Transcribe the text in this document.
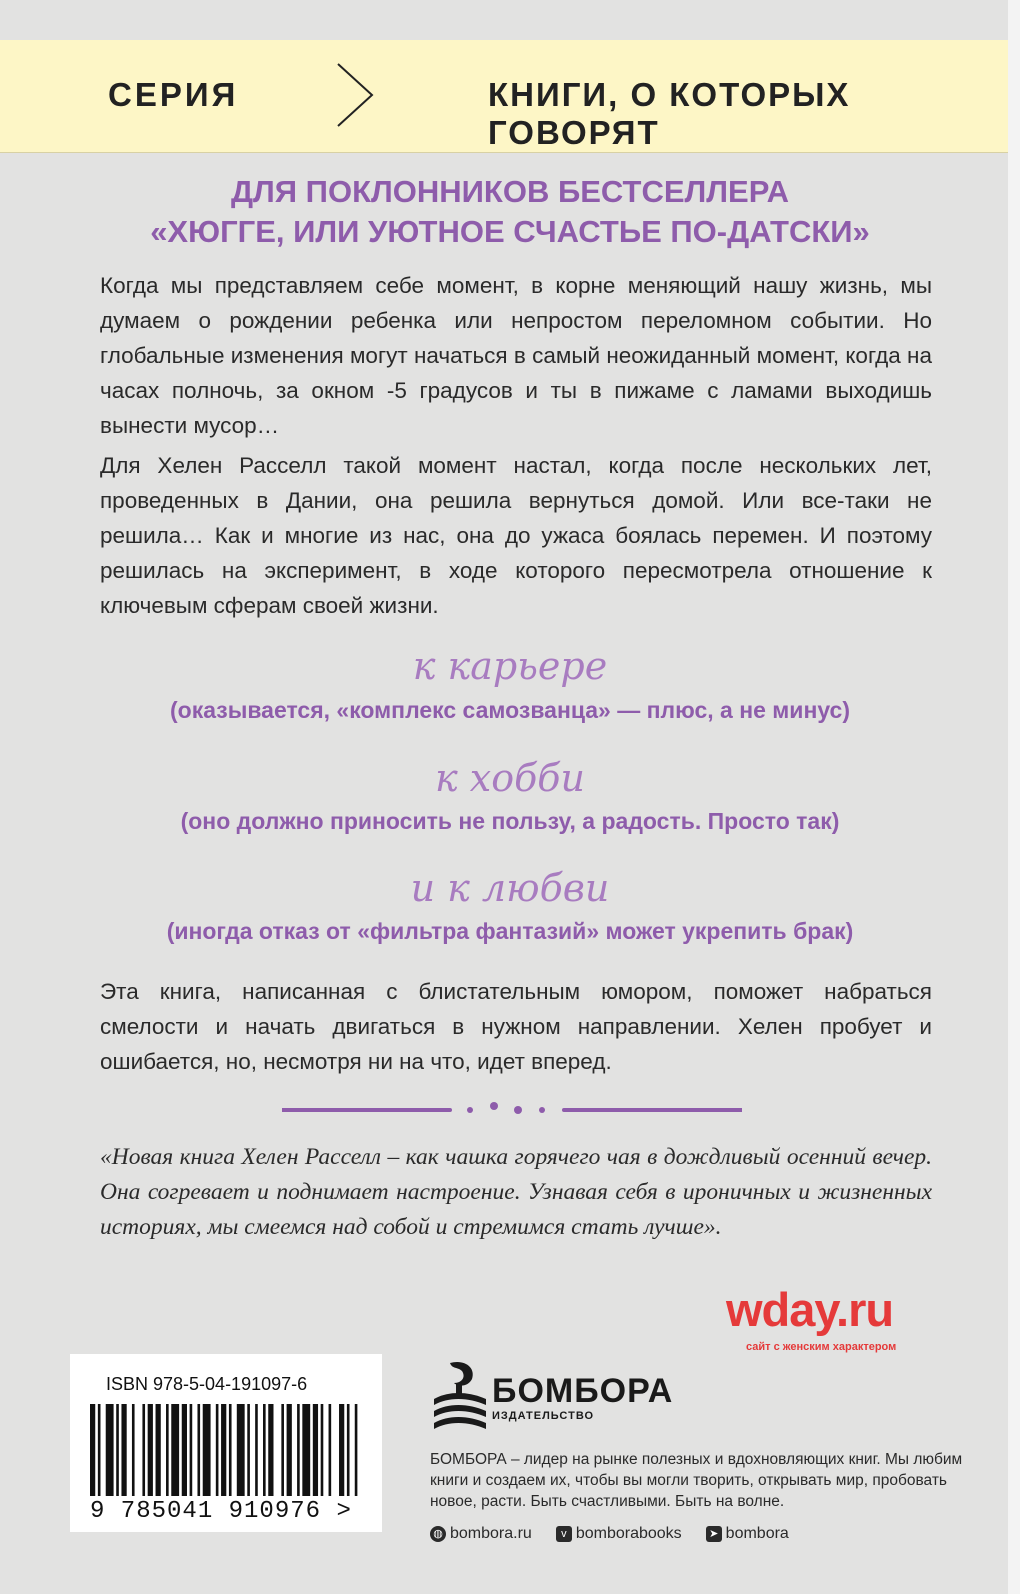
СЕРИЯ	КНИГИ, О КОТОРЫХ ГОВОРЯТ
ДЛЯ ПОКЛОННИКОВ БЕСТСЕЛЛЕРА
«ХЮГГЕ, ИЛИ УЮТНОЕ СЧАСТЬЕ ПО-ДАТСКИ»
Когда мы представляем себе момент, в корне меняющий нашу жизнь, мы думаем о рождении ребенка или непростом переломном событии. Но глобальные изменения могут начаться в самый неожиданный момент, когда на часах полночь, за окном -5 градусов и ты в пижаме с ламами выходишь вынести мусор…
Для Хелен Расселл такой момент настал, когда после нескольких лет, проведенных в Дании, она решила вернуться домой. Или все-таки не решила… Как и многие из нас, она до ужаса боялась перемен. И поэтому решилась на эксперимент, в ходе которого пересмотрела отношение к ключевым сферам своей жизни.
к карьере
(оказывается, «комплекс самозванца» — плюс, а не минус)
к хобби
(оно должно приносить не пользу, а радость. Просто так)
и к любви
(иногда отказ от «фильтра фантазий» может укрепить брак)
Эта книга, написанная с блистательным юмором, поможет набраться смелости и начать двигаться в нужном направлении. Хелен пробует и ошибается, но, несмотря ни на что, идет вперед.
«Новая книга Хелен Расселл – как чашка горячего чая в дождливый осенний вечер. Она согревает и поднимает настроение. Узнавая себя в ироничных и жизненных историях, мы смеемся над собой и стремимся стать лучше».
wday.ru
сайт с женским характером
ISBN 978-5-04-191097-6
9 785041 910976 >
БОМБОРА
ИЗДАТЕЛЬСТВО
БОМБОРА – лидер на рынке полезных и вдохновляющих книг. Мы любим книги и создаем их, чтобы вы могли творить, открывать мир, пробовать новое, расти. Быть счастливыми. Быть на волне.
◍ bombora.ru	v bomborabooks	➤ bombora
